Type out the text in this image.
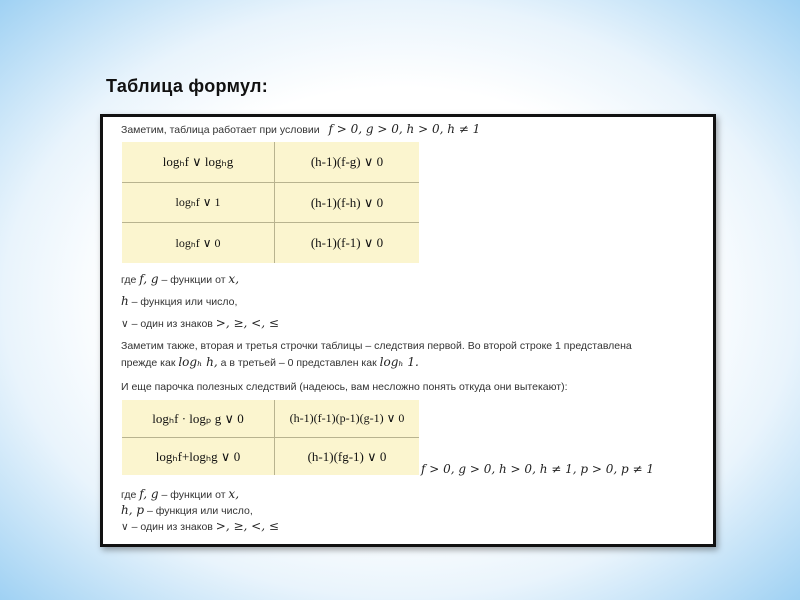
Таблица формул:
Заметим, таблица работает при условии f > 0, g > 0, h > 0, h ≠ 1
logₕf ∨ logₕg	(h-1)(f-g) ∨ 0
logₕf ∨ 1	(h-1)(f-h) ∨ 0
logₕf ∨ 0	(h-1)(f-1) ∨ 0
где f, g – функции от x,
h – функция или число,
∨ – один из знаков >, ≥, <, ≤
Заметим также, вторая и третья строчки таблицы – следствия первой. Во второй строке 1 представлена
прежде как logₕ h, а в третьей – 0 представлен как logₕ 1.
И еще парочка полезных следствий (надеюсь, вам несложно понять откуда они вытекают):
logₕf · logₚ g ∨ 0	(h-1)(f-1)(p-1)(g-1) ∨ 0
logₕf+logₕg ∨ 0	(h-1)(fg-1) ∨ 0
f > 0, g > 0, h > 0, h ≠ 1, p > 0, p ≠ 1
где f, g – функции от x,
h, p – функция или число,
∨ – один из знаков >, ≥, <, ≤
